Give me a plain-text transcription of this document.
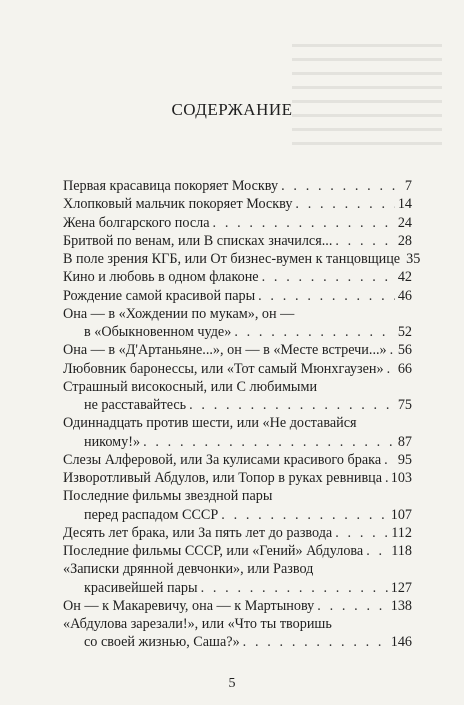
СОДЕРЖАНИЕ
Первая красавица покоряет Москву . . .	7
Хлопковый мальчик покоряет Москву . . .	14
Жена болгарского посла . . .	24
Бритвой по венам, или В списках значился... . . .	28
В поле зрения КГБ, или От бизнес-вумен к танцовщице 35
Кино и любовь в одном флаконе . . .	42
Рождение самой красивой пары . . .	46
Она — в «Хождении по мукам», он —
в «Обыкновенном чуде» . . .	52
Она — в «Д'Артаньяне...», он — в «Месте встречи...» . . . 56
Любовник баронессы, или «Тот самый Мюнхгаузен» . . . 66
Страшный високосный, или С любимыми
не расставайтесь . . .	75
Одиннадцать против шести, или «Не доставайся
никому!» . . .	87
Слезы Алферовой, или За кулисами красивого брака . . . 95
Изворотливый Абдулов, или Топор в руках ревнивца . . . 103
Последние фильмы звездной пары
перед распадом СССР . . .	107
Десять лет брака, или За пять лет до развода . . .	112
Последние фильмы СССР, или «Гений» Абдулова . . . 118
«Записки дрянной девчонки», или Развод
красивейшей пары . . .	127
Он — к Макаревичу, она — к Мартынову . . .	138
«Абдулова зарезали!», или «Что ты творишь
со своей жизнью, Саша?» . . .	146
5
